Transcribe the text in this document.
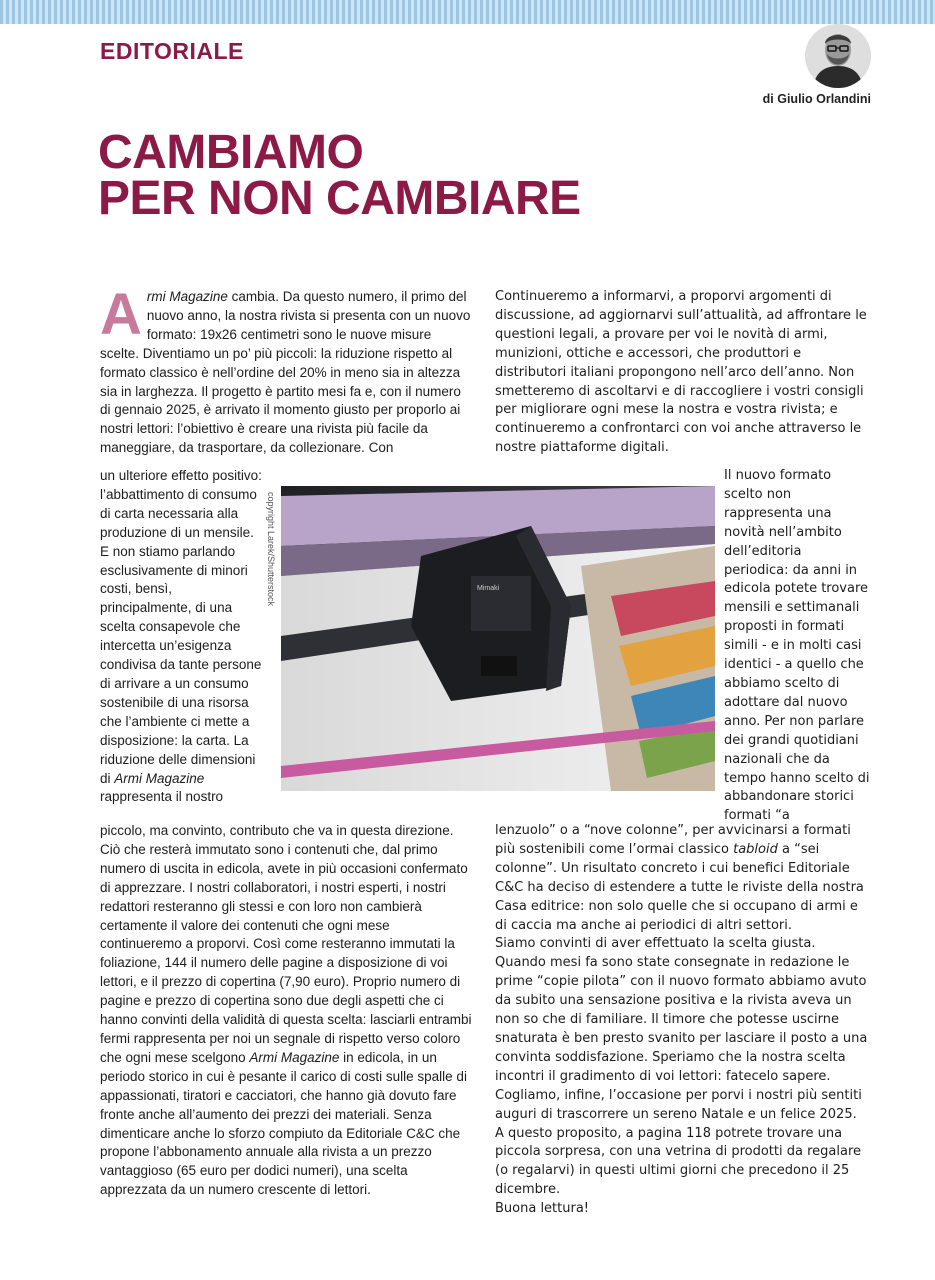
EDITORIALE
di Giulio Orlandini
CAMBIAMO
PER NON CAMBIARE

Armi Magazine cambia. Da questo numero, il primo del nuovo anno, la nostra rivista si presenta con un nuovo formato: 19x26 centimetri sono le nuove misure scelte. Diventiamo un po’ più piccoli: la riduzione rispetto al formato classico è nell’ordine del 20% in meno sia in altezza sia in larghezza. Il progetto è partito mesi fa e, con il numero di gennaio 2025, è arrivato il momento giusto per proporlo ai nostri lettori: l’obiettivo è creare una rivista più facile da maneggiare, da trasportare, da collezionare. Con

un ulteriore effetto positivo: l’abbattimento di consumo di carta necessaria alla produzione di un mensile. E non stiamo parlando esclusivamente di minori costi, bensì, principalmente, di una scelta consapevole che intercetta un’esigenza condivisa da tante persone di arrivare a un consumo sostenibile di una risorsa che l’ambiente ci mette a disposizione: la carta. La riduzione delle dimensioni di Armi Magazine rappresenta il nostro

copyright Larek/Shutterstock	Mimaki

piccolo, ma convinto, contributo che va in questa direzione. Ciò che resterà immutato sono i contenuti che, dal primo numero di uscita in edicola, avete in più occasioni confermato di apprezzare. I nostri collaboratori, i nostri esperti, i nostri redattori resteranno gli stessi e con loro non cambierà certamente il valore dei contenuti che ogni mese continueremo a proporvi. Così come resteranno immutati la foliazione, 144 il numero delle pagine a disposizione di voi lettori, e il prezzo di copertina (7,90 euro). Proprio numero di pagine e prezzo di copertina sono due degli aspetti che ci hanno convinti della validità di questa scelta: lasciarli entrambi fermi rappresenta per noi un segnale di rispetto verso coloro che ogni mese scelgono Armi Magazine in edicola, in un periodo storico in cui è pesante il carico di costi sulle spalle di appassionati, tiratori e cacciatori, che hanno già dovuto fare fronte anche all’aumento dei prezzi dei materiali. Senza dimenticare anche lo sforzo compiuto da Editoriale C&C che propone l’abbonamento annuale alla rivista a un prezzo vantaggioso (65 euro per dodici numeri), una scelta apprezzata da un numero crescente di lettori.

Continueremo a informarvi, a proporvi argomenti di discussione, ad aggiornarvi sull’attualità, ad affrontare le questioni legali, a provare per voi le novità di armi, munizioni, ottiche e accessori, che produttori e distributori italiani propongono nell’arco dell’anno. Non smetteremo di ascoltarvi e di raccogliere i vostri consigli per migliorare ogni mese la nostra e vostra rivista; e continueremo a confrontarci con voi anche attraverso le nostre piattaforme digitali.

Il nuovo formato scelto non rappresenta una novità nell’ambito dell’editoria periodica: da anni in edicola potete trovare mensili e settimanali proposti in formati simili - e in molti casi identici - a quello che abbiamo scelto di adottare dal nuovo anno. Per non parlare dei grandi quotidiani nazionali che da tempo hanno scelto di abbandonare storici formati “a

lenzuolo” o a “nove colonne”, per avvicinarsi a formati più sostenibili come l’ormai classico tabloid a “sei colonne”. Un risultato concreto i cui benefici Editoriale C&C ha deciso di estendere a tutte le riviste della nostra Casa editrice: non solo quelle che si occupano di armi e di caccia ma anche ai periodici di altri settori.

Siamo convinti di aver effettuato la scelta giusta. Quando mesi fa sono state consegnate in redazione le prime “copie pilota” con il nuovo formato abbiamo avuto da subito una sensazione positiva e la rivista aveva un non so che di familiare. Il timore che potesse uscirne snaturata è ben presto svanito per lasciare il posto a una convinta soddisfazione. Speriamo che la nostra scelta incontri il gradimento di voi lettori: fatecelo sapere.

Cogliamo, infine, l’occasione per porvi i nostri più sentiti auguri di trascorrere un sereno Natale e un felice 2025. A questo proposito, a pagina 118 potrete trovare una piccola sorpresa, con una vetrina di prodotti da regalare (o regalarvi) in questi ultimi giorni che precedono il 25 dicembre.

Buona lettura!
